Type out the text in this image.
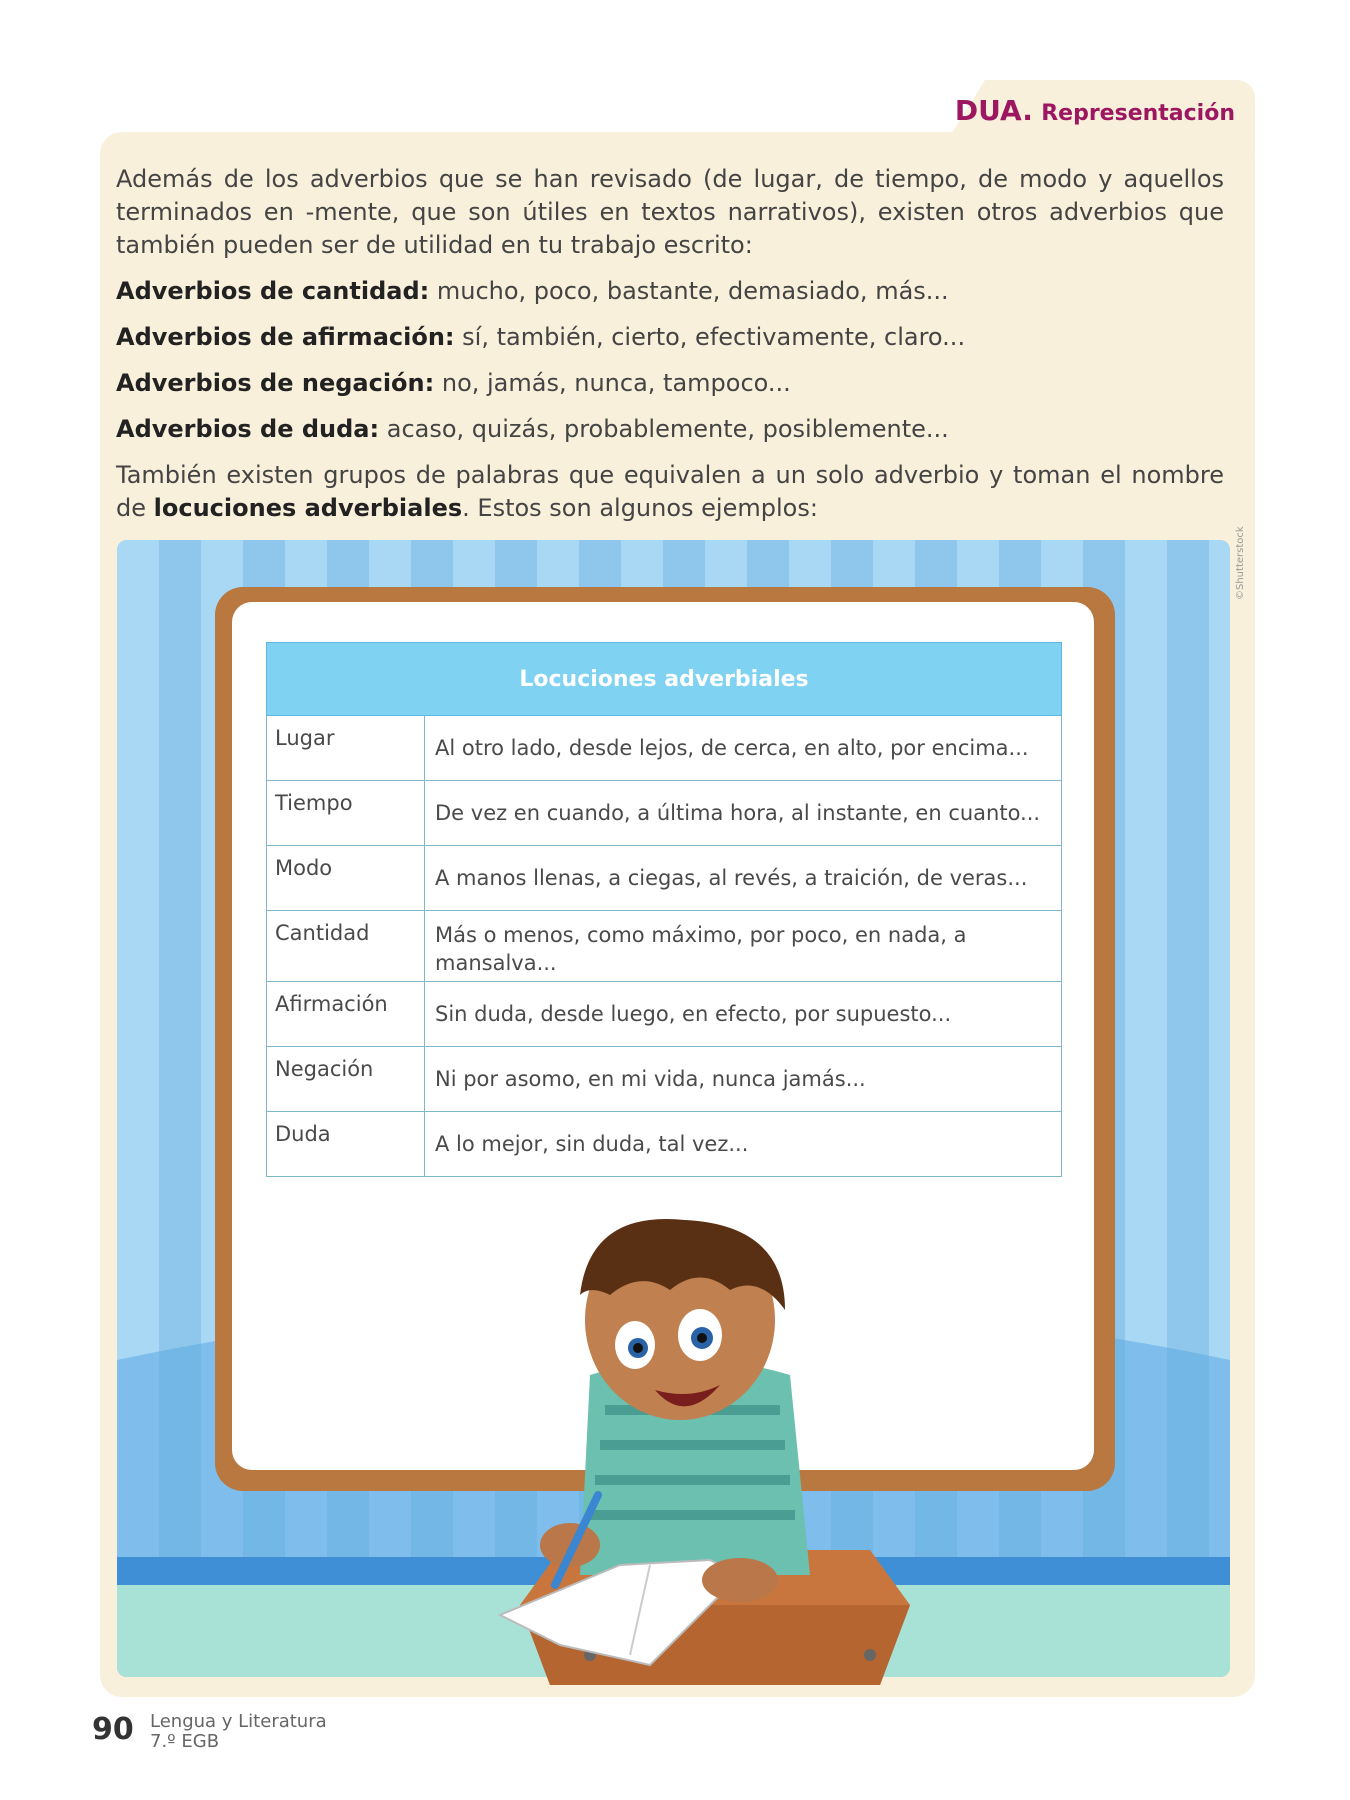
DUA. Representación

Además de los adverbios que se han revisado (de lugar, de tiempo, de modo y aquellos terminados en -mente, que son útiles en textos narrativos), existen otros adverbios que también pueden ser de utilidad en tu trabajo escrito:

Adverbios de cantidad: mucho, poco, bastante, demasiado, más...

Adverbios de afirmación: sí, también, cierto, efectivamente, claro...

Adverbios de negación: no, jamás, nunca, tampoco...

Adverbios de duda: acaso, quizás, probablemente, posiblemente...

También existen grupos de palabras que equivalen a un solo adverbio y toman el nombre de locuciones adverbiales. Estos son algunos ejemplos:

©Shutterstock
Locuciones adverbiales	
Lugar	Al otro lado, desde lejos, de cerca, en alto, por encima...
Tiempo	De vez en cuando, a última hora, al instante, en cuanto...
Modo	A manos llenas, a ciegas, al revés, a traición, de veras...
Cantidad	Más o menos, como máximo, por poco, en nada, a mansalva...
Afirmación	Sin duda, desde luego, en efecto, por supuesto...
Negación	Ni por asomo, en mi vida, nunca jamás...
Duda	A lo mejor, sin duda, tal vez...
90 Lengua y Literatura
7.º EGB
